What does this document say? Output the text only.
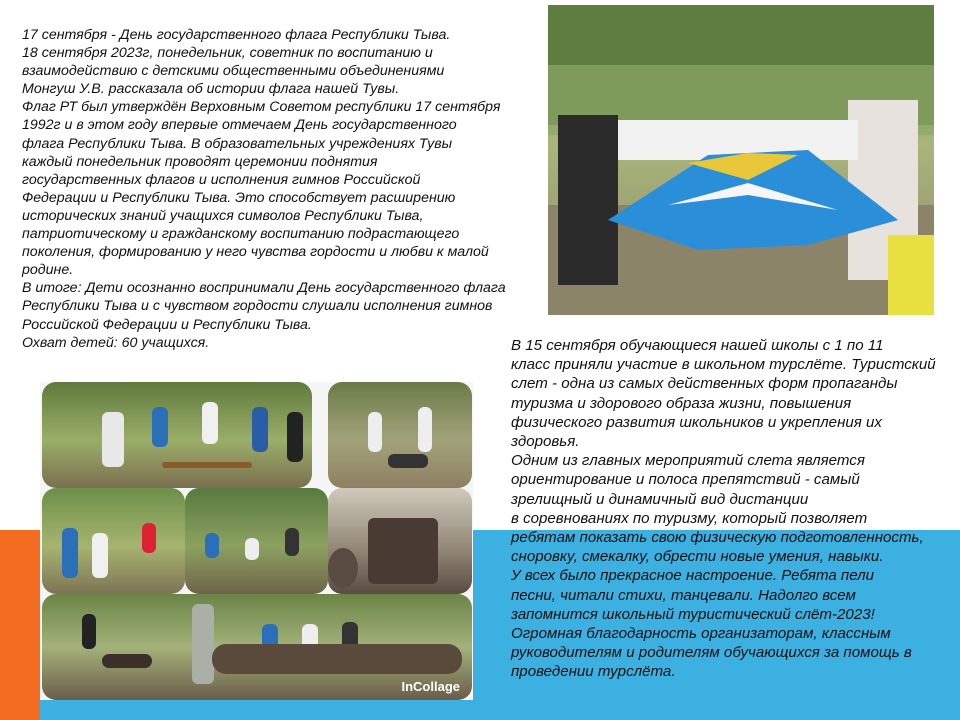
17 сентября - День государственного флага Республики Тыва.

18 сентября 2023г, понедельник, советник по воспитанию и
взаимодействию с детскими общественными объединениями
Монгуш У.В. рассказала об истории флага нашей Тувы.

Флаг РТ был утверждён Верховным Советом республики 17 сентября
1992г и в этом году впервые отмечаем День государственного
флага Республики Тыва. В образовательных учреждениях Тувы
каждый понедельник проводят церемонии поднятия
государственных флагов и исполнения гимнов Российской
Федерации и Республики Тыва. Это способствует расширению
исторических знаний учащихся символов Республики Тыва,
патриотическому и гражданскому воспитанию подрастающего
поколения, формированию у него чувства гордости и любви к малой
родине.

В итоге: Дети осознанно воспринимали День государственного флага
Республики Тыва и с чувством гордости слушали исполнения гимнов
Российской Федерации и Республики Тыва.

Охват детей: 60 учащихся.	В 15 сентября обучающиеся нашей школы с 1 по 11
класс приняли участие в школьном турслёте. Туристский
слет - одна из самых действенных форм пропаганды
туризма и здорового образа жизни, повышения
физического развития школьников и укрепления их
здоровья.

Одним из главных мероприятий слета является
ориентирование и полоса препятствий - самый
зрелищный и динамичный вид дистанции
в соревнованиях по туризму, который позволяет
ребятам показать свою физическую подготовленность,
сноровку, смекалку, обрести новые умения, навыки.

У всех было прекрасное настроение. Ребята пели
песни, читали стихи, танцевали. Надолго всем
запомнится школьный туристический слёт-2023!

Огромная благодарность организаторам, классным
руководителям и родителям обучающихся за помощь в
проведении турслёта.

InCollage
